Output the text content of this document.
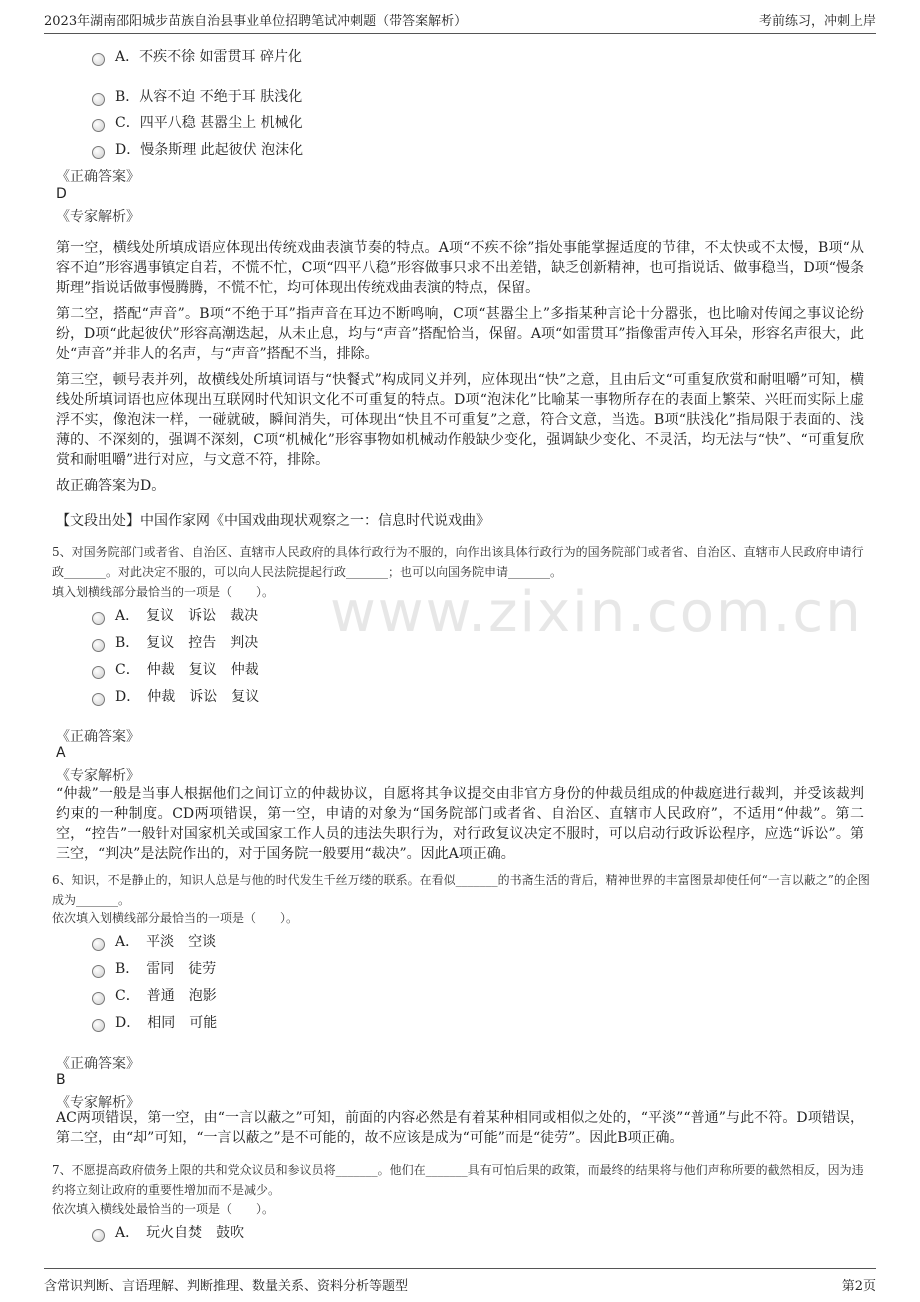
2023年湖南邵阳城步苗族自治县事业单位招聘笔试冲刺题（带答案解析）	考前练习，冲刺上岸
www.zixin.com.cn
A．不疾不徐 如雷贯耳 碎片化
B．从容不迫 不绝于耳 肤浅化
C．四平八稳 甚嚣尘上 机械化
D．慢条斯理 此起彼伏 泡沫化
《正确答案》
D
《专家解析》
第一空，横线处所填成语应体现出传统戏曲表演节奏的特点。A项“不疾不徐”指处事能掌握适度的节律，不太快或不太慢，B项“从容不迫”形容遇事镇定自若，不慌不忙，C项“四平八稳”形容做事只求不出差错，缺乏创新精神，也可指说话、做事稳当，D项“慢条斯理”指说话做事慢腾腾，不慌不忙，均可体现出传统戏曲表演的特点，保留。
第二空，搭配“声音”。B项“不绝于耳”指声音在耳边不断鸣响，C项“甚嚣尘上”多指某种言论十分嚣张，也比喻对传闻之事议论纷纷，D项“此起彼伏”形容高潮迭起，从未止息，均与“声音”搭配恰当，保留。A项“如雷贯耳”指像雷声传入耳朵，形容名声很大，此处“声音”并非人的名声，与“声音”搭配不当，排除。
第三空，顿号表并列，故横线处所填词语与“快餐式”构成同义并列，应体现出“快”之意，且由后文“可重复欣赏和耐咀嚼”可知，横线处所填词语也应体现出互联网时代知识文化不可重复的特点。D项“泡沫化”比喻某一事物所存在的表面上繁荣、兴旺而实际上虚浮不实，像泡沫一样，一碰就破，瞬间消失，可体现出“快且不可重复”之意，符合文意，当选。B项“肤浅化”指局限于表面的、浅薄的、不深刻的，强调不深刻，C项“机械化”形容事物如机械动作般缺少变化，强调缺少变化、不灵活，均无法与“快”、“可重复欣赏和耐咀嚼”进行对应，与文意不符，排除。
故正确答案为D。
【文段出处】中国作家网《中国戏曲现状观察之一：信息时代说戏曲》
5、对国务院部门或者省、自治区、直辖市人民政府的具体行政行为不服的，向作出该具体行政行为的国务院部门或者省、自治区、直辖市人民政府申请行政_______。对此决定不服的，可以向人民法院提起行政_______；也可以向国务院申请_______。
填入划横线部分最恰当的一项是（　　）。
A．　复议　诉讼　裁决
B．　复议　控告　判决
C．　仲裁　复议　仲裁
D．　仲裁　诉讼　复议
《正确答案》
A
《专家解析》
“仲裁”一般是当事人根据他们之间订立的仲裁协议，自愿将其争议提交由非官方身份的仲裁员组成的仲裁庭进行裁判，并受该裁判约束的一种制度。CD两项错误，第一空，申请的对象为“国务院部门或者省、自治区、直辖市人民政府”，不适用“仲裁”。第二空，“控告”一般针对国家机关或国家工作人员的违法失职行为，对行政复议决定不服时，可以启动行政诉讼程序，应选“诉讼”。第三空，“判决”是法院作出的，对于国务院一般要用“裁决”。因此A项正确。
6、知识，不是静止的，知识人总是与他的时代发生千丝万缕的联系。在看似_______的书斋生活的背后，精神世界的丰富图景却使任何“一言以蔽之”的企图成为_______。
依次填入划横线部分最恰当的一项是（　　）。
A．　平淡　空谈
B．　雷同　徒劳
C．　普通　泡影
D．　相同　可能
《正确答案》
B
《专家解析》
AC两项错误，第一空，由“一言以蔽之”可知，前面的内容必然是有着某种相同或相似之处的，“平淡”“普通”与此不符。D项错误，第二空，由“却”可知，“一言以蔽之”是不可能的，故不应该是成为“可能”而是“徒劳”。因此B项正确。
7、不愿提高政府债务上限的共和党众议员和参议员将_______。他们在_______具有可怕后果的政策，而最终的结果将与他们声称所要的截然相反，因为违约将立刻让政府的重要性增加而不是减少。
依次填入横线处最恰当的一项是（　　）。
A．　玩火自焚　鼓吹
含常识判断、言语理解、判断推理、数量关系、资料分析等题型	第2页
